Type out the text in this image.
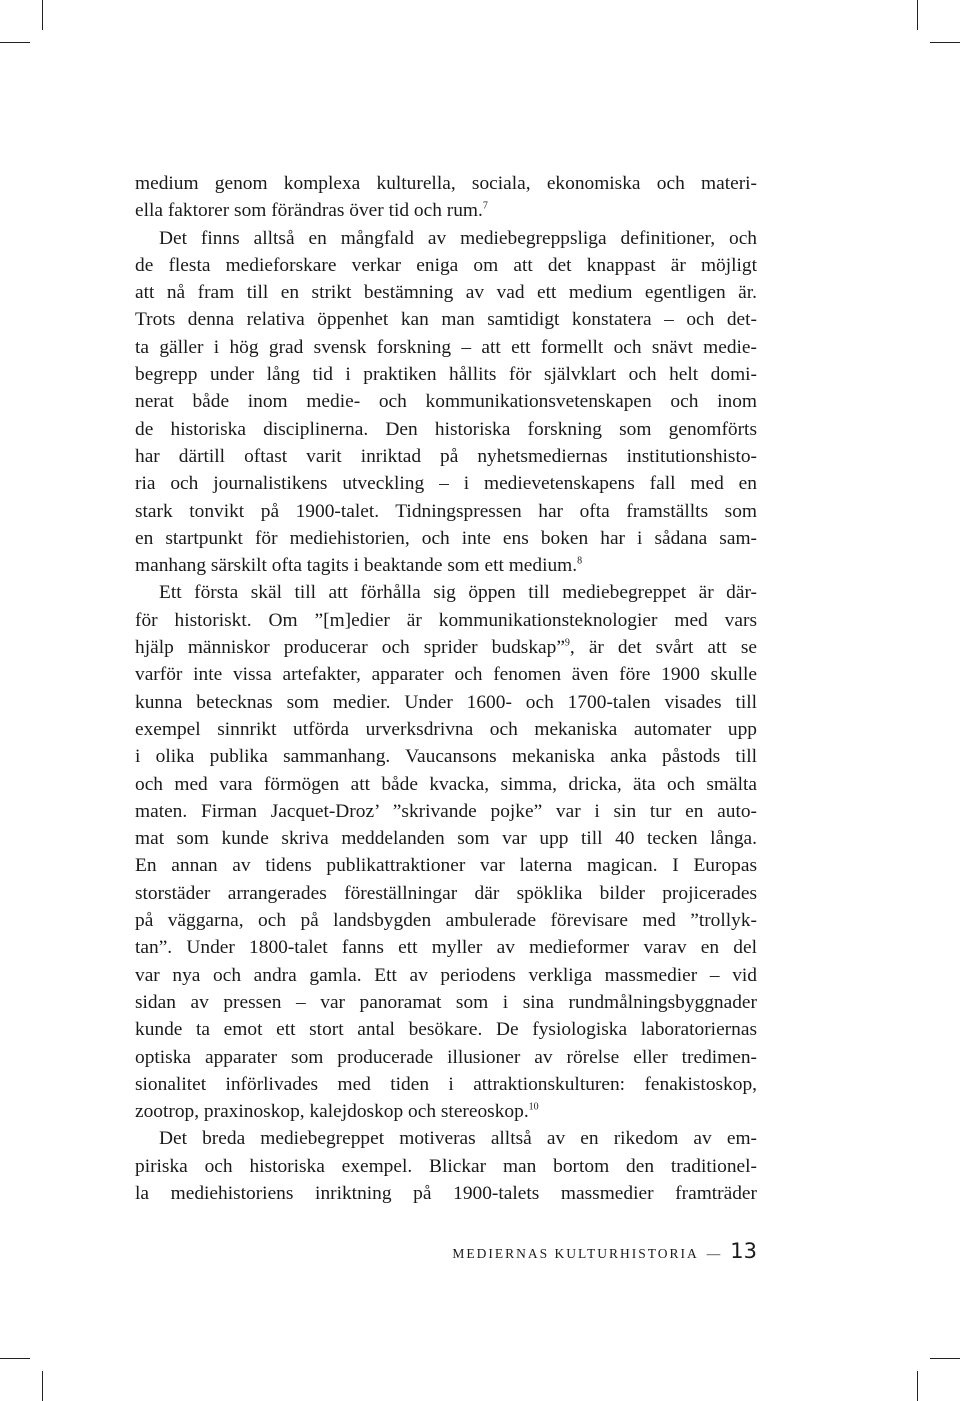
medium genom komplexa kulturella, sociala, ekonomiska och materi-
ella faktorer som förändras över tid och rum.$^7$
Det finns alltså en mångfald av mediebegreppsliga definitioner, och
de flesta medieforskare verkar eniga om att det knappast är möjligt
att nå fram till en strikt bestämning av vad ett medium egentligen är.
Trots denna relativa öppenhet kan man samtidigt konstatera – och det-
ta gäller i hög grad svensk forskning – att ett formellt och snävt medie-
begrepp under lång tid i praktiken hållits för självklart och helt domi-
nerat både inom medie- och kommunikationsvetenskapen och inom
de historiska disciplinerna. Den historiska forskning som genomförts
har därtill oftast varit inriktad på nyhetsmediernas institutionshisto-
ria och journalistikens utveckling – i medievetenskapens fall med en
stark tonvikt på 1900-talet. Tidningspressen har ofta framställts som
en startpunkt för mediehistorien, och inte ens boken har i sådana sam-
manhang särskilt ofta tagits i beaktande som ett medium.$^8$
Ett första skäl till att förhålla sig öppen till mediebegreppet är där-
för historiskt. Om ”[m]edier är kommunikationsteknologier med vars
hjälp människor producerar och sprider budskap”$^9$, är det svårt att se
varför inte vissa artefakter, apparater och fenomen även före 1900 skulle
kunna betecknas som medier. Under 1600- och 1700-talen visades till
exempel sinnrikt utförda urverksdrivna och mekaniska automater upp
i olika publika sammanhang. Vaucansons mekaniska anka påstods till
och med vara förmögen att både kvacka, simma, dricka, äta och smälta
maten. Firman Jacquet-Droz’ ”skrivande pojke” var i sin tur en auto-
mat som kunde skriva meddelanden som var upp till 40 tecken långa.
En annan av tidens publikattraktioner var laterna magican. I Europas
storstäder arrangerades föreställningar där spöklika bilder projicerades
på väggarna, och på landsbygden ambulerade förevisare med ”trollyk-
tan”. Under 1800-talet fanns ett myller av medieformer varav en del
var nya och andra gamla. Ett av periodens verkliga massmedier – vid
sidan av pressen – var panoramat som i sina rundmålningsbyggnader
kunde ta emot ett stort antal besökare. De fysiologiska laboratoriernas
optiska apparater som producerade illusioner av rörelse eller tredimen-
sionalitet införlivades med tiden i attraktionskulturen: fenakistoskop,
zootrop, praxinoskop, kalejdoskop och stereoskop.$^{10}$
Det breda mediebegreppet motiveras alltså av en rikedom av em-
piriska och historiska exempel. Blickar man bortom den traditionel-
la mediehistoriens inriktning på 1900-talets massmedier framträder
MEDIERNAS KULTURHISTORIA — 13
